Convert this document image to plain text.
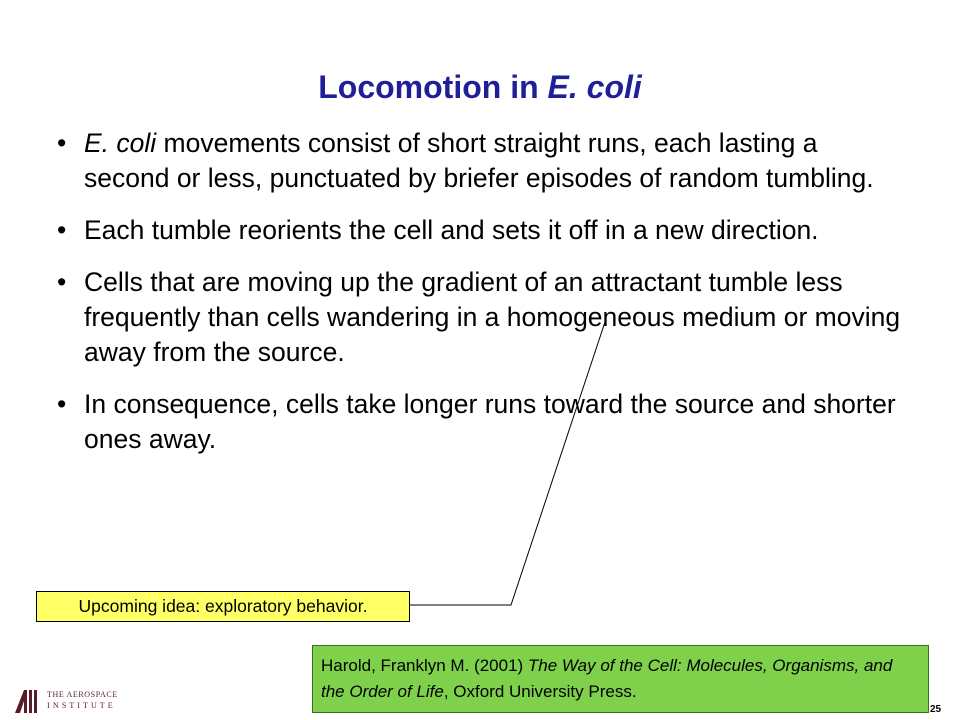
Locomotion in E. coli
• E. coli movements consist of short straight runs, each lasting a second or less, punctuated by briefer episodes of random tumbling.
• Each tumble reorients the cell and sets it off in a new direction.
• Cells that are moving up the gradient of an attractant tumble less frequently than cells wandering in a homogeneous medium or moving away from the source.
• In consequence, cells take longer runs toward the source and shorter ones away.
Upcoming idea: exploratory behavior.
Harold, Franklyn M. (2001) The Way of the Cell: Molecules, Organisms, and the Order of Life, Oxford University Press.
THE AEROSPACE
I N S T I T U T E	25
